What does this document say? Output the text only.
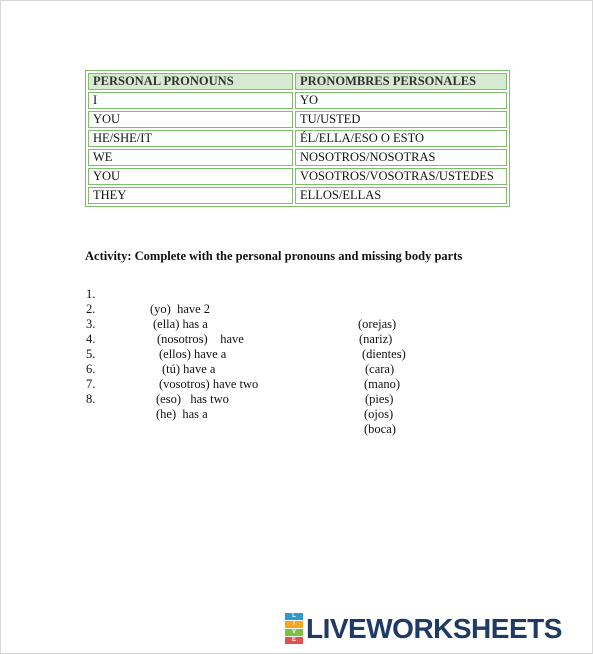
PERSONAL PRONOUNS	PRONOMBRES PERSONALES
I	YO
YOU	TU/USTED
HE/SHE/IT	ÉL/ELLA/ESO O ESTO
WE	NOSOTROS/NOSOTRAS
YOU	VOSOTROS/VOSOTRAS/USTEDES
THEY	ELLOS/ELLAS
Activity: Complete with the personal pronouns and missing body parts

1.

(yo)  have 2

(orejas)

2.

(ella) has a

(nariz)

3.

(nosotros)    have

(dientes)

4.

(ellos) have a

(cara)

5.

(tú) have a

(mano)

6.

(vosotros) have two

(pies)

7.

(eso)   has two

(ojos)

8.

(he)  has a

(boca)

L
I
V
E LIVEWORKSHEETS
